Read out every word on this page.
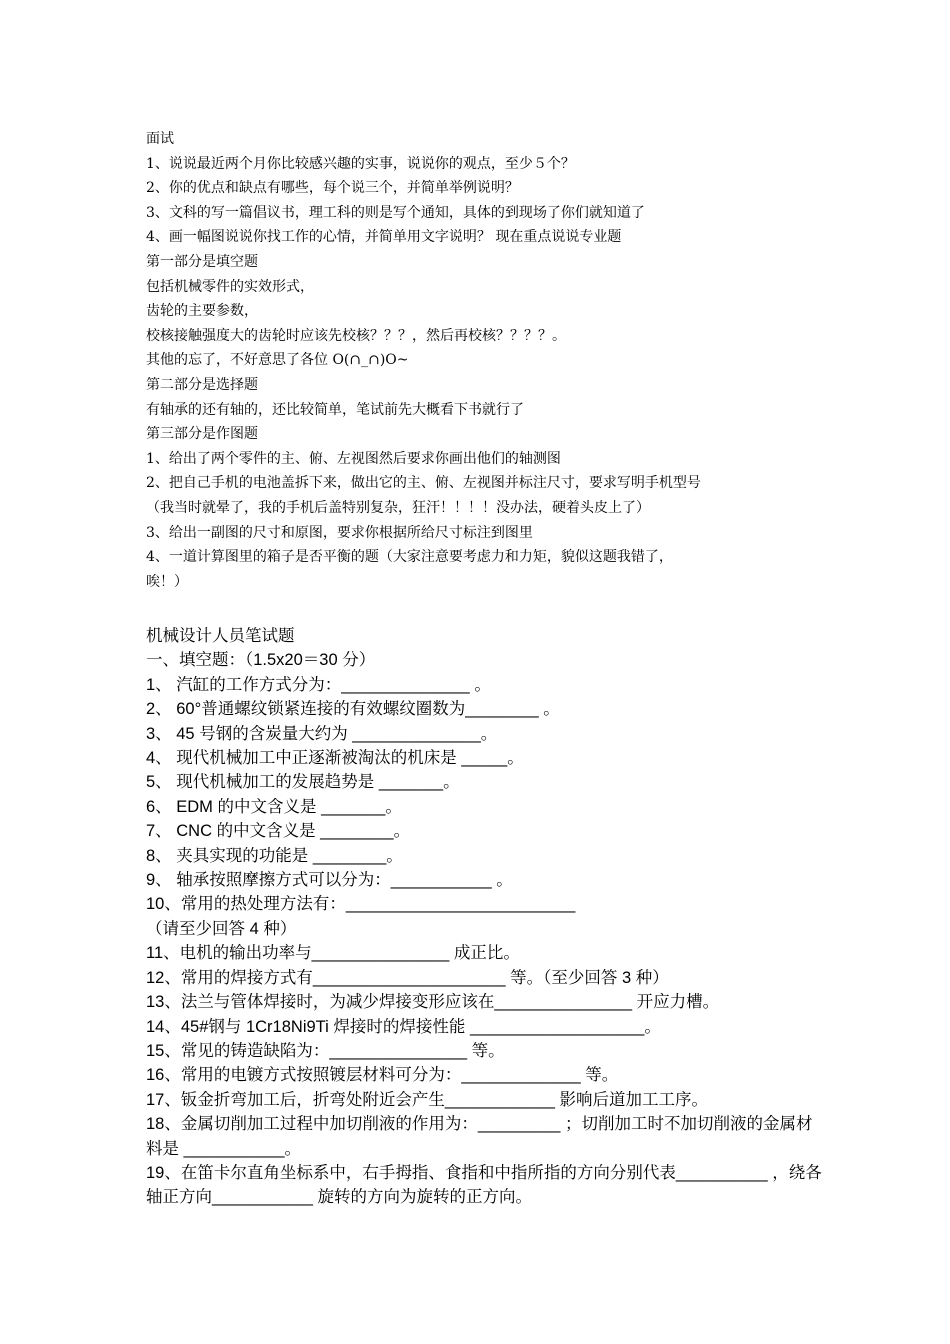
面试
1、说说最近两个月你比较感兴趣的实事，说说你的观点，至少５个？
2、你的优点和缺点有哪些，每个说三个，并简单举例说明？
3、文科的写一篇倡议书，理工科的则是写个通知，具体的到现场了你们就知道了
4、画一幅图说说你找工作的心情，并简单用文字说明？ 现在重点说说专业题
第一部分是填空题
包括机械零件的实效形式，
齿轮的主要参数，
校核接触强度大的齿轮时应该先校核？？？，然后再校核？？？？。
其他的忘了，不好意思了各位 O(∩_∩)O~
第二部分是选择题
有轴承的还有轴的，还比较简单，笔试前先大概看下书就行了
第三部分是作图题
1、给出了两个零件的主、俯、左视图然后要求你画出他们的轴测图
2、把自己手机的电池盖拆下来，做出它的主、俯、左视图并标注尺寸，要求写明手机型号
（我当时就晕了，我的手机后盖特别复杂，狂汗！！！！没办法，硬着头皮上了）
3、给出一副图的尺寸和原图，要求你根据所给尺寸标注到图里
4、一道计算图里的箱子是否平衡的题（大家注意要考虑力和力矩，貌似这题我错了，
唉！）
机械设计人员笔试题
一、填空题：（1.5x20＝30 分）
1、 汽缸的工作方式分为：______________ 。
2、 60°普通螺纹锁紧连接的有效螺纹圈数为________ 。
3、 45 号钢的含炭量大约为 ______________。
4、 现代机械加工中正逐渐被淘汰的机床是 _____。
5、 现代机械加工的发展趋势是 _______。
6、 EDM 的中文含义是 _______。
7、 CNC 的中文含义是 ________。
8、 夹具实现的功能是 ________。
9、 轴承按照摩擦方式可以分为：___________ 。
10、常用的热处理方法有：_________________________
（请至少回答 4 种）
11、电机的输出功率与_______________ 成正比。
12、常用的焊接方式有_____________________ 等。（至少回答 3 种）
13、法兰与管体焊接时，为减少焊接变形应该在_______________ 开应力槽。
14、45#钢与 1Cr18Ni9Ti 焊接时的焊接性能 ___________________。
15、常见的铸造缺陷为：_______________ 等。
16、常用的电镀方式按照镀层材料可分为：_____________ 等。
17、钣金折弯加工后，折弯处附近会产生____________ 影响后道加工工序。
18、金属切削加工过程中加切削液的作用为：_________ ；切削加工时不加切削液的金属材料是 ___________。
19、在笛卡尔直角坐标系中，右手拇指、食指和中指所指的方向分别代表__________ ，绕各轴正方向___________ 旋转的方向为旋转的正方向。
